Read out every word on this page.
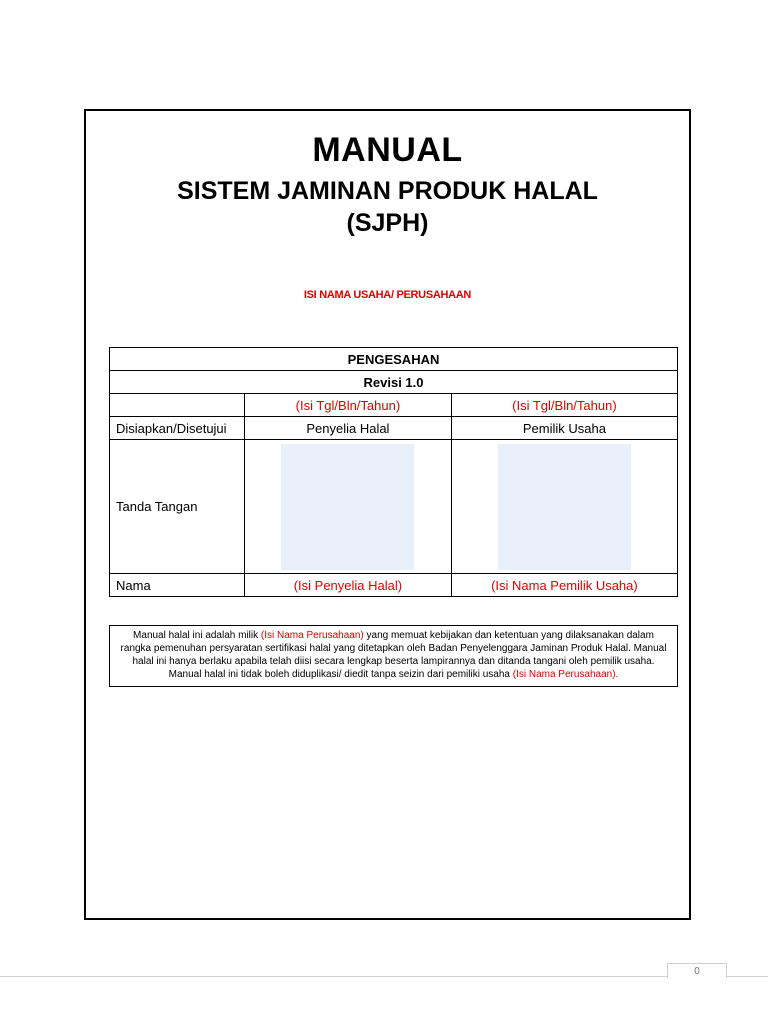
MANUAL
SISTEM JAMINAN PRODUK HALAL
(SJPH)
ISI NAMA USAHA/ PERUSAHAAN
PENGESAHAN		
Revisi 1.0		
	(Isi Tgl/Bln/Tahun)	(Isi Tgl/Bln/Tahun)
Disiapkan/Disetujui	Penyelia Halal	Pemilik Usaha
Tanda Tangan	

Nama	(Isi Penyelia Halal)	(Isi Nama Pemilik Usaha)
Manual halal ini adalah milik (Isi Nama Perusahaan) yang memuat kebijakan dan ketentuan yang dilaksanakan dalam rangka pemenuhan persyaratan sertifikasi halal yang ditetapkan oleh Badan Penyelenggara Jaminan Produk Halal. Manual halal ini hanya berlaku apabila telah diisi secara lengkap beserta lampirannya dan ditanda tangani oleh pemilik usaha. Manual halal ini tidak boleh diduplikasi/ diedit tanpa seizin dari pemiliki usaha (Isi Nama Perusahaan).
0
